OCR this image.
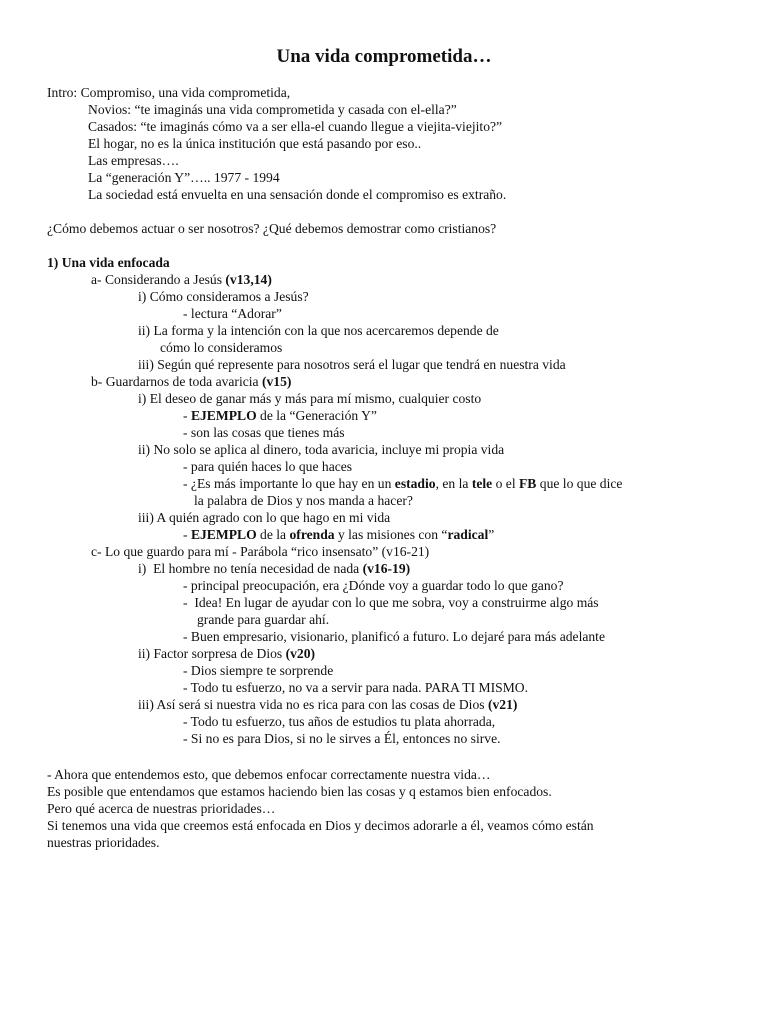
Una vida comprometida…
Intro: Compromiso, una vida comprometida,
Novios: “te imaginás una vida comprometida y casada con el-ella?”
Casados: “te imaginás cómo va a ser ella-el cuando llegue a viejita-viejito?”
El hogar, no es la única institución que está pasando por eso..
Las empresas….
La “generación Y”….. 1977 - 1994
La sociedad está envuelta en una sensación donde el compromiso es extraño.
¿Cómo debemos actuar o ser nosotros? ¿Qué debemos demostrar como cristianos?
1) Una vida enfocada
a- Considerando a Jesús (v13,14)
i) Cómo consideramos a Jesús?
- lectura “Adorar”
ii) La forma y la intención con la que nos acercaremos depende de
cómo lo consideramos
iii) Según qué represente para nosotros será el lugar que tendrá en nuestra vida
b- Guardarnos de toda avaricia (v15)
i) El deseo de ganar más y más para mí mismo, cualquier costo
- EJEMPLO de la “Generación Y”
- son las cosas que tienes más
ii) No solo se aplica al dinero, toda avaricia, incluye mi propia vida
- para quién haces lo que haces
- ¿Es más importante lo que hay en un estadio, en la tele o el FB que lo que dice
la palabra de Dios y nos manda a hacer?
iii) A quién agrado con lo que hago en mi vida
- EJEMPLO de la ofrenda y las misiones con “radical”
c- Lo que guardo para mí - Parábola “rico insensato” (v16-21)
i)  El hombre no tenía necesidad de nada (v16-19)
- principal preocupación, era ¿Dónde voy a guardar todo lo que gano?
-  Idea! En lugar de ayudar con lo que me sobra, voy a construirme algo más
grande para guardar ahí.
- Buen empresario, visionario, planificó a futuro. Lo dejaré para más adelante
ii) Factor sorpresa de Dios (v20)
- Dios siempre te sorprende
- Todo tu esfuerzo, no va a servir para nada. PARA TI MISMO.
iii) Así será si nuestra vida no es rica para con las cosas de Dios (v21)
- Todo tu esfuerzo, tus años de estudios tu plata ahorrada,
- Si no es para Dios, si no le sirves a Él, entonces no sirve.
- Ahora que entendemos esto, que debemos enfocar correctamente nuestra vida…
Es posible que entendamos que estamos haciendo bien las cosas y q estamos bien enfocados.
Pero qué acerca de nuestras prioridades…
Si tenemos una vida que creemos está enfocada en Dios y decimos adorarle a él, veamos cómo están
nuestras prioridades.
